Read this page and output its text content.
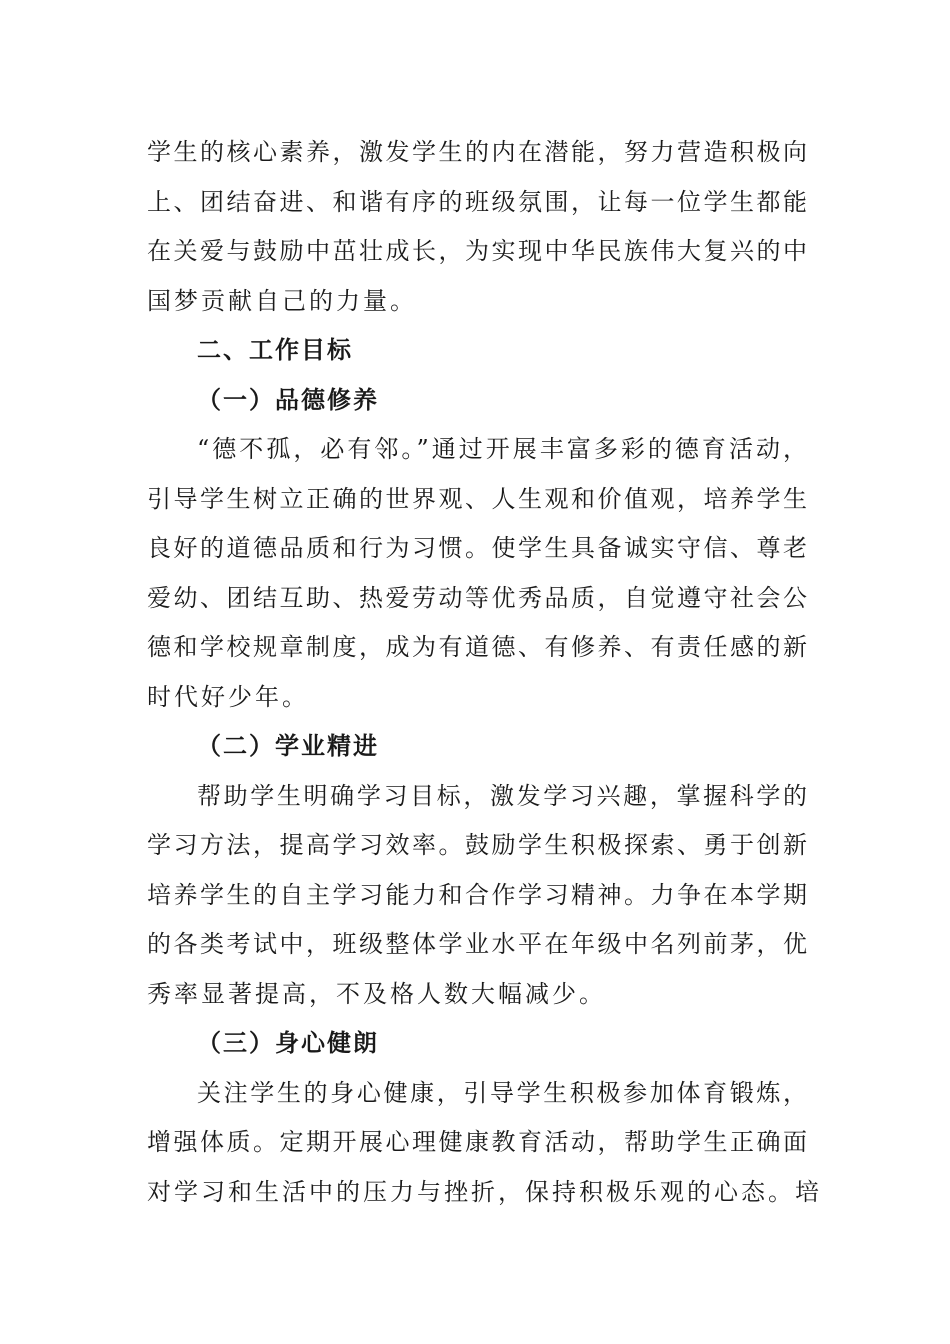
学生的核心素养，激发学生的内在潜能，努力营造积极向
上、团结奋进、和谐有序的班级氛围，让每一位学生都能
在关爱与鼓励中茁壮成长，为实现中华民族伟大复兴的中
国梦贡献自己的力量。
二、工作目标
（一）品德修养
“德不孤，必有邻。”通过开展丰富多彩的德育活动，
引导学生树立正确的世界观、人生观和价值观，培养学生
良好的道德品质和行为习惯。使学生具备诚实守信、尊老
爱幼、团结互助、热爱劳动等优秀品质，自觉遵守社会公
德和学校规章制度，成为有道德、有修养、有责任感的新
时代好少年。
（二）学业精进
帮助学生明确学习目标，激发学习兴趣，掌握科学的
学习方法，提高学习效率。鼓励学生积极探索、勇于创新
培养学生的自主学习能力和合作学习精神。力争在本学期
的各类考试中，班级整体学业水平在年级中名列前茅，优
秀率显著提高，不及格人数大幅减少。
（三）身心健朗
关注学生的身心健康，引导学生积极参加体育锻炼，
增强体质。定期开展心理健康教育活动，帮助学生正确面
对学习和生活中的压力与挫折，保持积极乐观的心态。培
